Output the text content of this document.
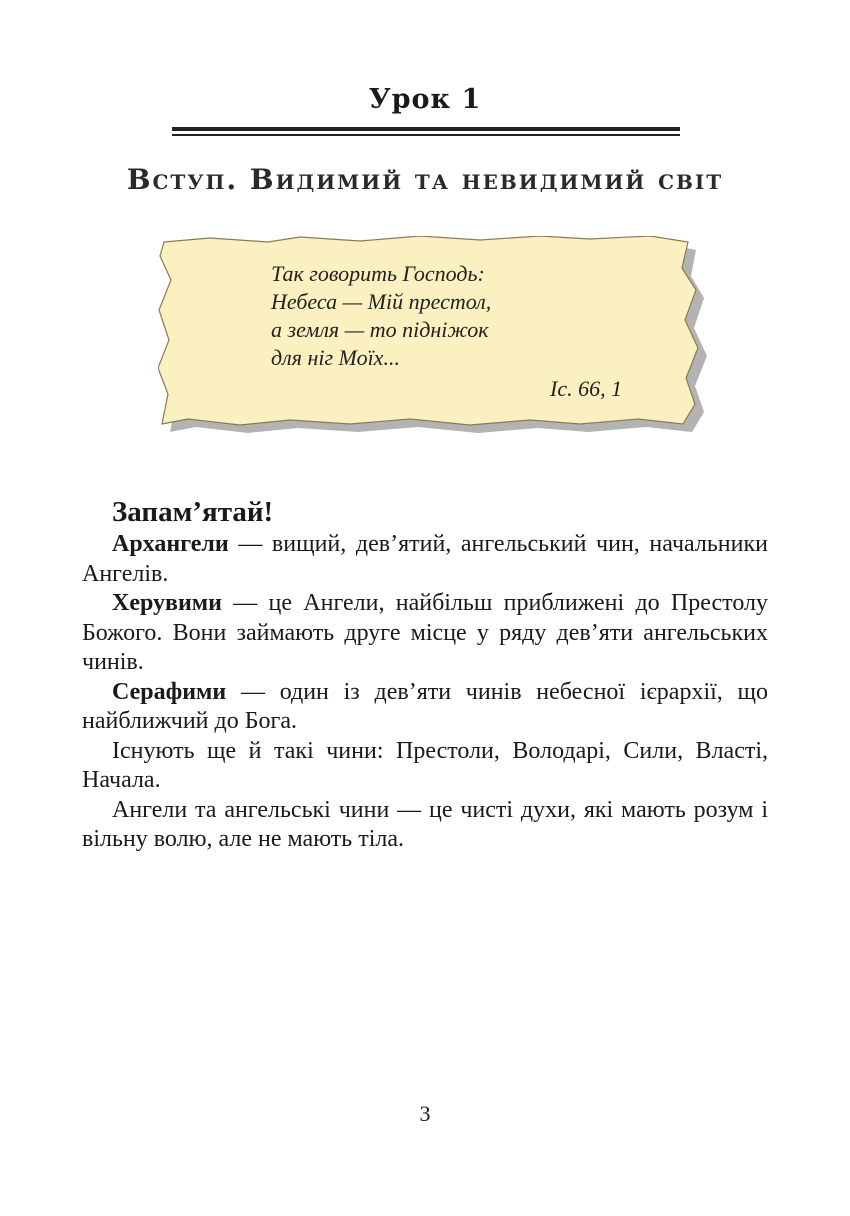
Урок 1
Вступ. Видимий та невидимий світ
Так говорить Господь:
Небеса — Мій престол,
а земля — то підніжок
для ніг Моїх...
Іс. 66, 1
Запам’ятай!

Архангели — вищий, дев’ятий, ангельський чин, начальники Ангелів.

Херувими — це Ангели, найбільш приближені до Престолу Божого. Вони займають друге місце у ряду дев’яти ангельських чинів.

Серафими — один із дев’яти чинів небесної ієрархії, що найближчий до Бога.

Існують ще й такі чини: Престоли, Володарі, Сили, Власті, Начала.

Ангели та ангельські чини — це чисті духи, які мають розум і вільну волю, але не мають тіла.

3
